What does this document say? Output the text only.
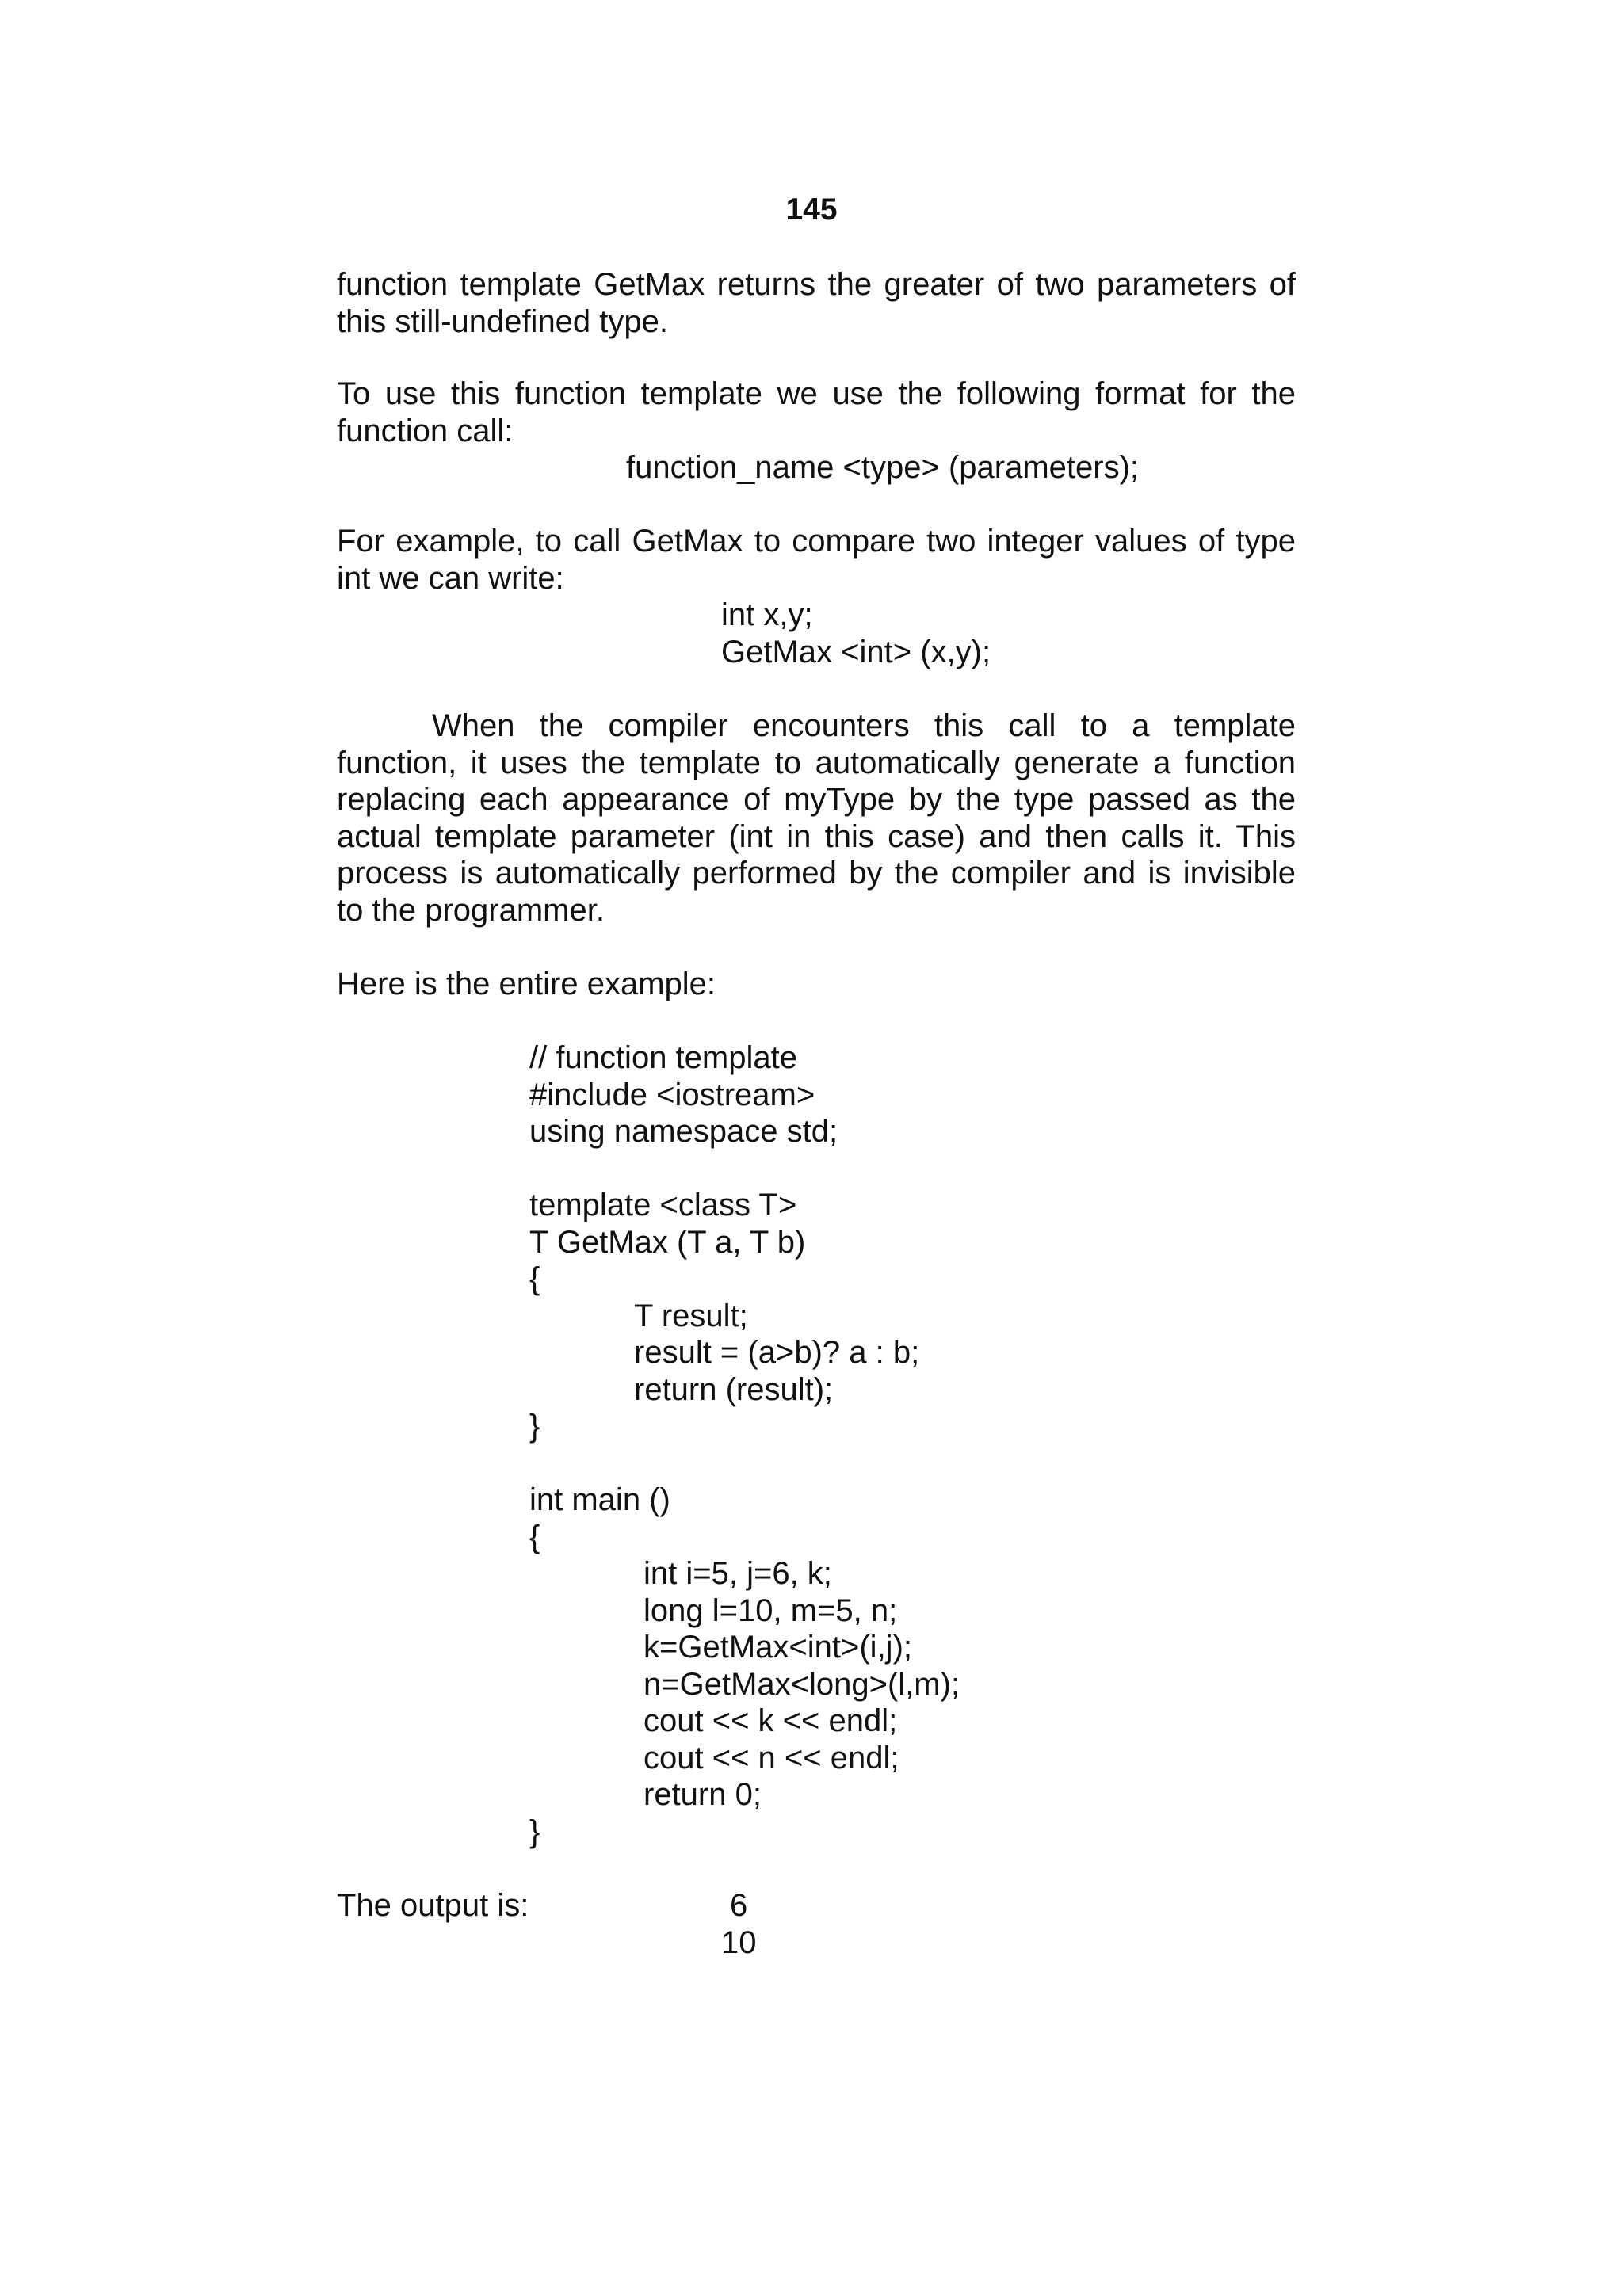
145

function template GetMax returns the greater of two parameters of this still-undefined type.

To use this function template we use the following format for the function call:

function_name <type> (parameters);

For example, to call GetMax to compare two integer values of type int we can write:

int x,y;
GetMax <int> (x,y);

When the compiler encounters this call to a template function, it uses the template to automatically generate a function replacing each appearance of myType by the type passed as the actual template parameter (int in this case) and then calls it. This process is automatically performed by the compiler and is invisible to the programmer.

Here is the entire example:

// function template
#include <iostream>
using namespace std;
template <class T>
T GetMax (T a, T b)
{
T result;
result = (a>b)? a : b;
return (result);
}
int main ()
{
int i=5, j=6, k;
long l=10, m=5, n;
k=GetMax<int>(i,j);
n=GetMax<long>(l,m);
cout << k << endl;
cout << n << endl;
return 0;
}
The output is:	6
10
